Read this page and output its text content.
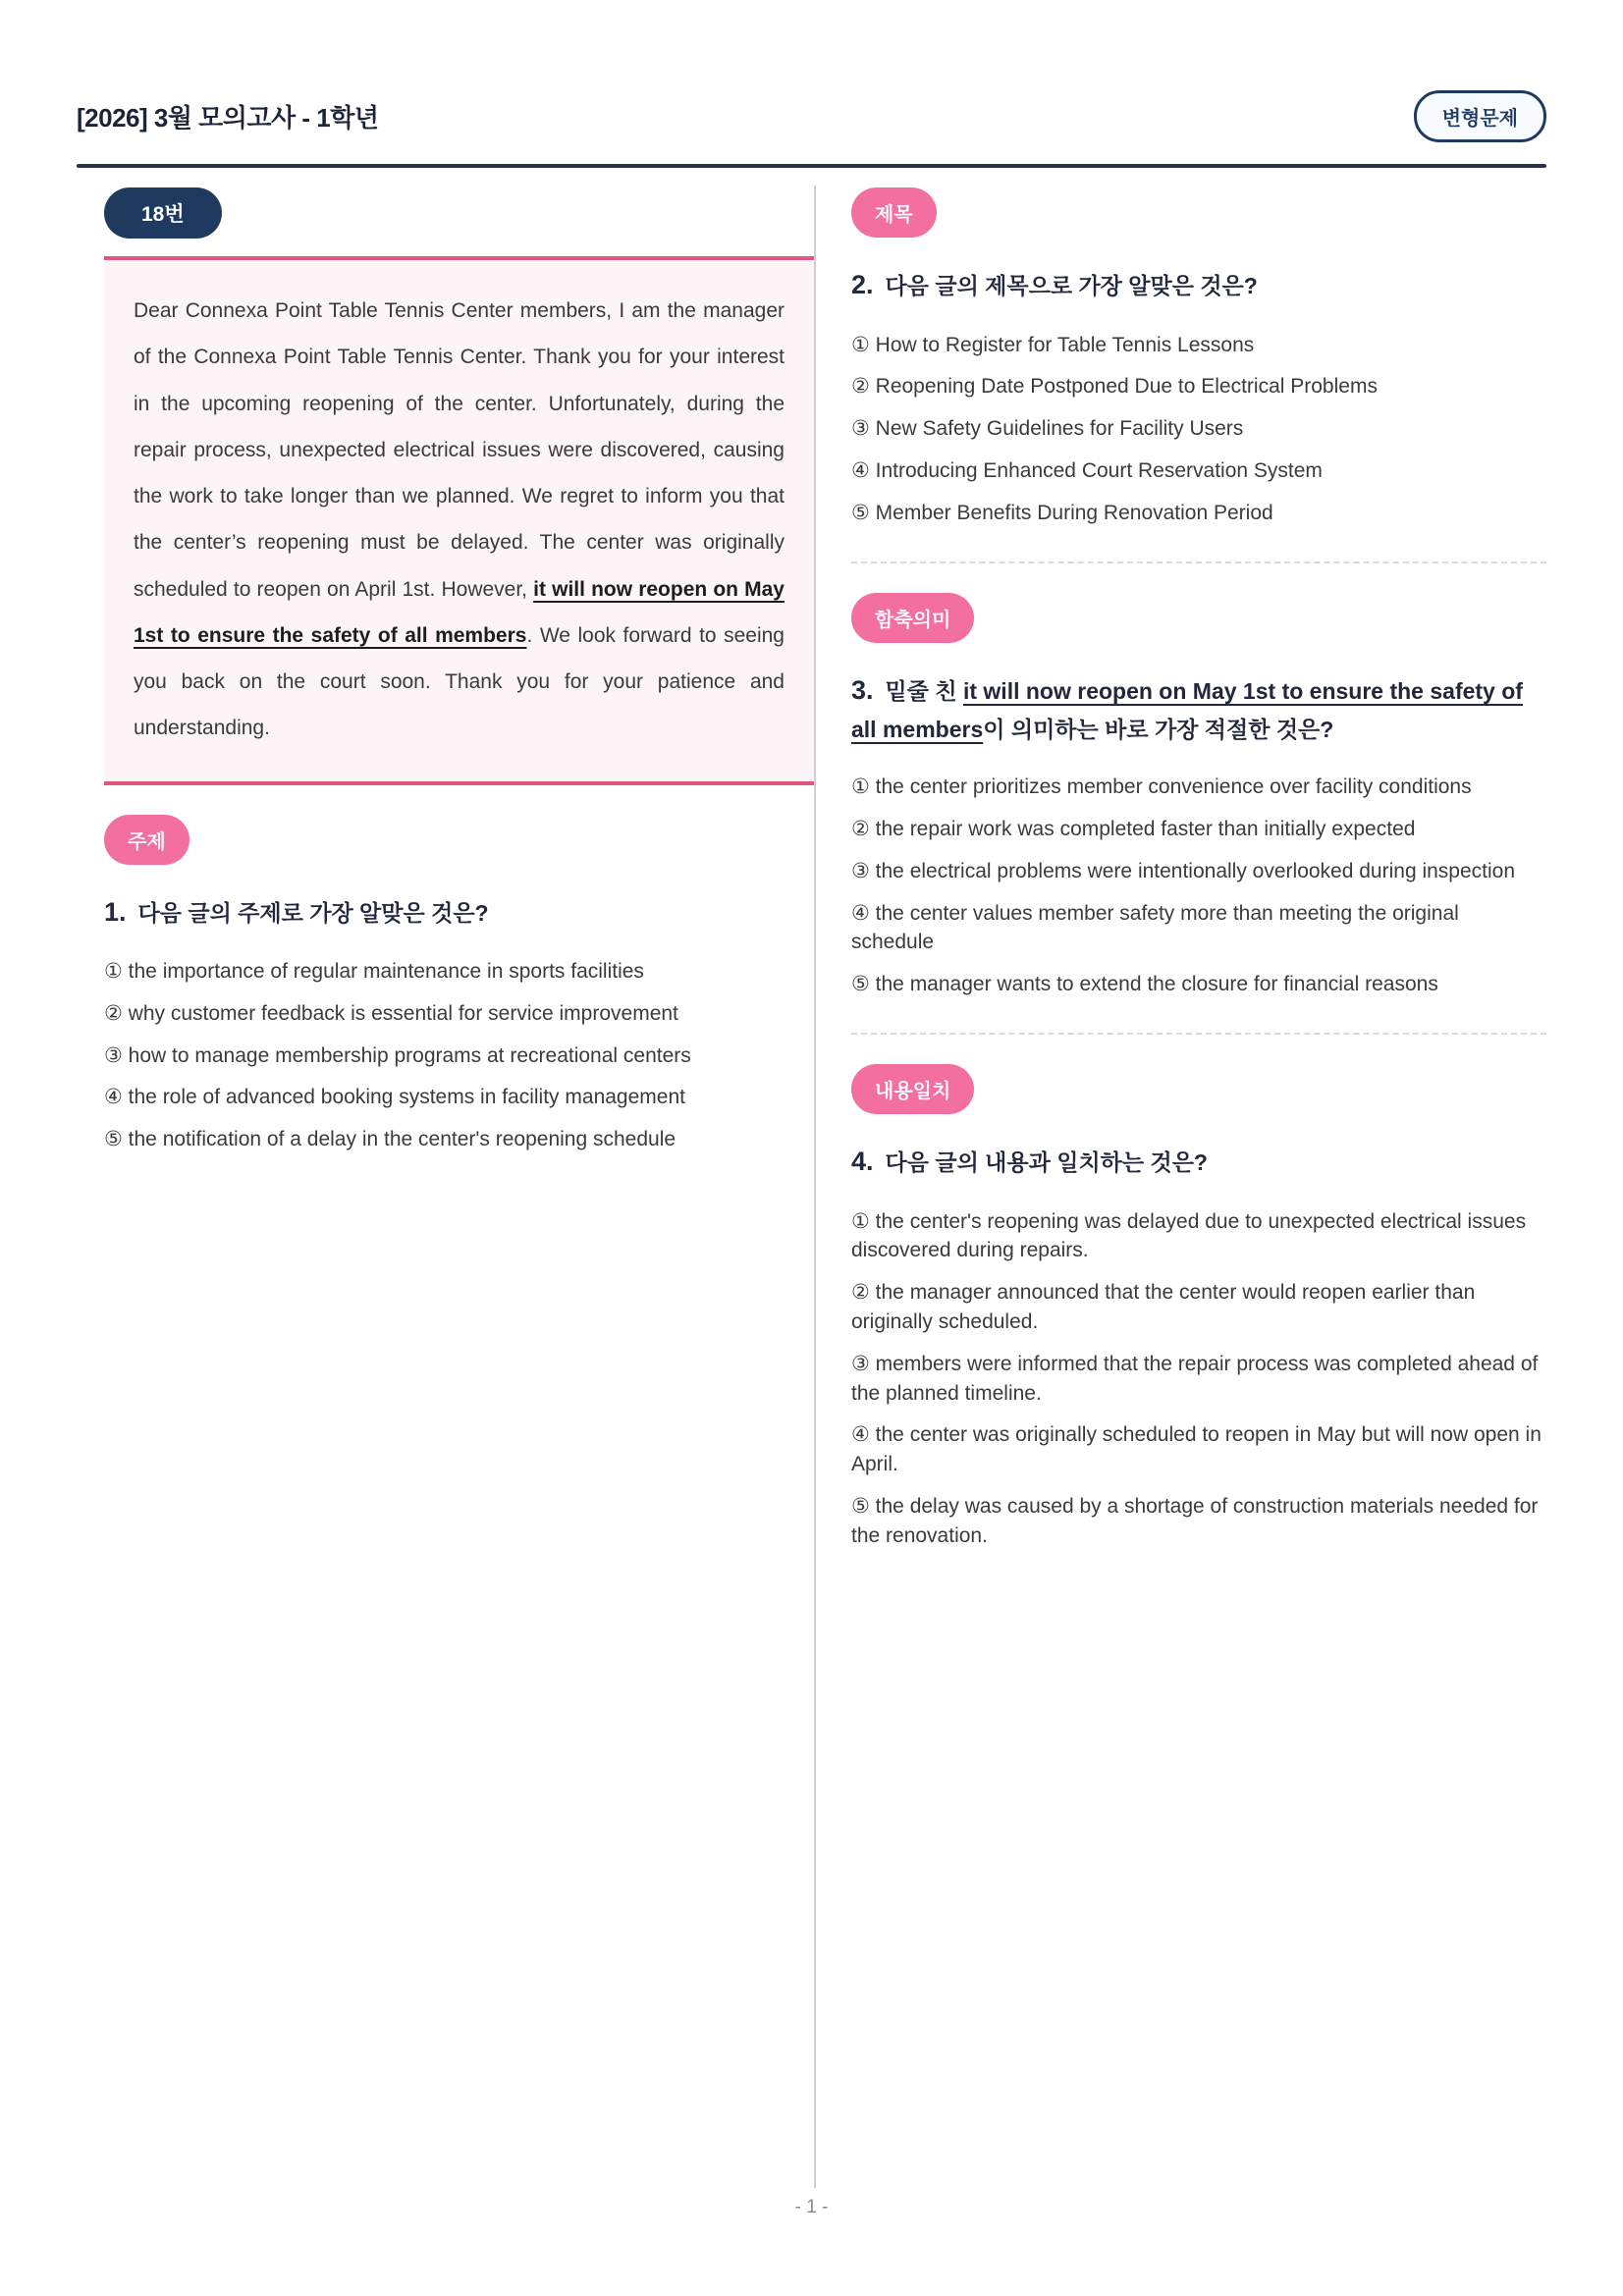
[2026] 3월 모의고사 - 1학년	변형문제
18번
Dear Connexa Point Table Tennis Center members, I am the manager of the Connexa Point Table Tennis Center. Thank you for your interest in the upcoming reopening of the center. Unfortunately, during the repair process, unexpected electrical issues were discovered, causing the work to take longer than we planned. We regret to inform you that the center’s reopening must be delayed. The center was originally scheduled to reopen on April 1st. However, it will now reopen on May 1st to ensure the safety of all members. We look forward to seeing you back on the court soon. Thank you for your patience and understanding.
주제
1. 다음 글의 주제로 가장 알맞은 것은?
① the importance of regular maintenance in sports facilities
② why customer feedback is essential for service improvement
③ how to manage membership programs at recreational centers
④ the role of advanced booking systems in facility management
⑤ the notification of a delay in the center's reopening schedule
제목
2. 다음 글의 제목으로 가장 알맞은 것은?
① How to Register for Table Tennis Lessons
② Reopening Date Postponed Due to Electrical Problems
③ New Safety Guidelines for Facility Users
④ Introducing Enhanced Court Reservation System
⑤ Member Benefits During Renovation Period
함축의미
3. 밑줄 친 it will now reopen on May 1st to ensure the safety of all members이 의미하는 바로 가장 적절한 것은?
① the center prioritizes member convenience over facility conditions
② the repair work was completed faster than initially expected
③ the electrical problems were intentionally overlooked during inspection
④ the center values member safety more than meeting the original schedule
⑤ the manager wants to extend the closure for financial reasons
내용일치
4. 다음 글의 내용과 일치하는 것은?
① the center's reopening was delayed due to unexpected electrical issues discovered during repairs.
② the manager announced that the center would reopen earlier than originally scheduled.
③ members were informed that the repair process was completed ahead of the planned timeline.
④ the center was originally scheduled to reopen in May but will now open in April.
⑤ the delay was caused by a shortage of construction materials needed for the renovation.
- 1 -
